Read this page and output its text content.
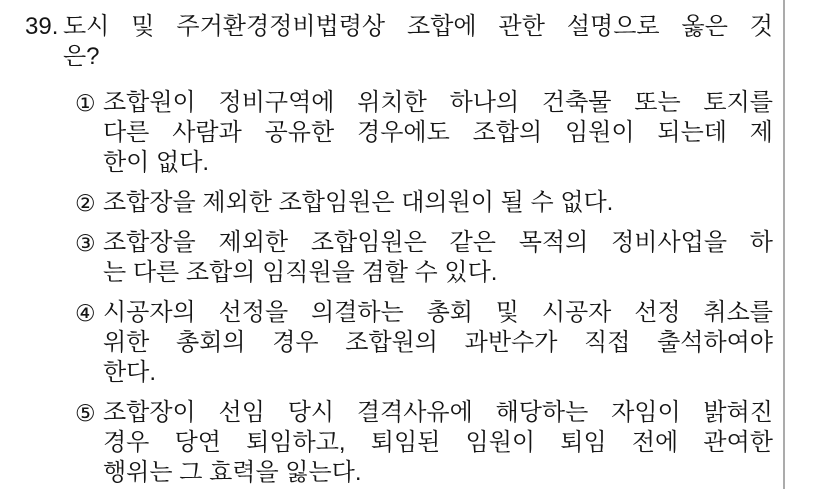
39. 도시 및 주거환경정비법령상 조합에 관한 설명으로 옳은 것
은?
① 조합원이 정비구역에 위치한 하나의 건축물 또는 토지를
다른 사람과 공유한 경우에도 조합의 임원이 되는데 제
한이 없다.
② 조합장을 제외한 조합임원은 대의원이 될 수 없다.
③ 조합장을 제외한 조합임원은 같은 목적의 정비사업을 하
는 다른 조합의 임직원을 겸할 수 있다.
④ 시공자의 선정을 의결하는 총회 및 시공자 선정 취소를
위한 총회의 경우 조합원의 과반수가 직접 출석하여야
한다.
⑤ 조합장이 선임 당시 결격사유에 해당하는 자임이 밝혀진
경우 당연 퇴임하고, 퇴임된 임원이 퇴임 전에 관여한
행위는 그 효력을 잃는다.
